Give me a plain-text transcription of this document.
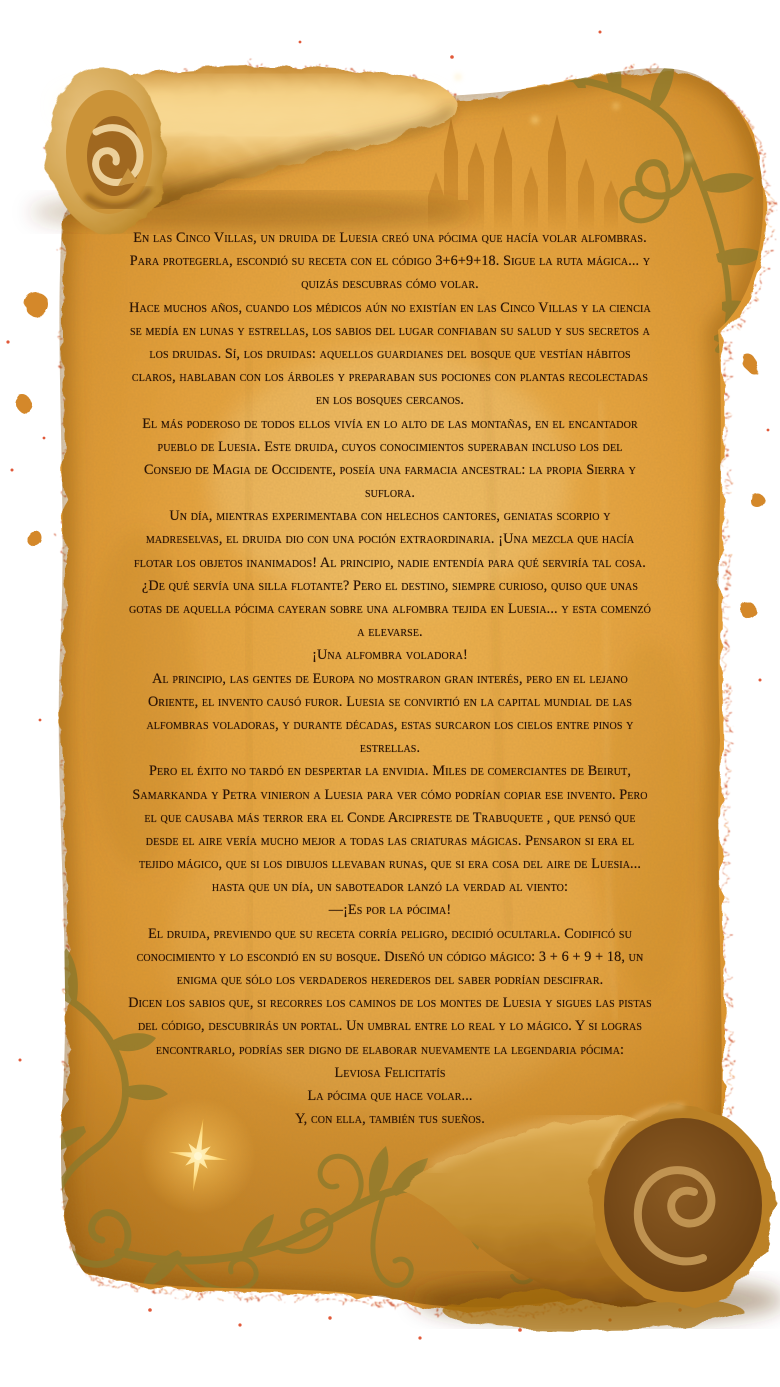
En las Cinco Villas, un druida de Luesia creó una pócima que hacía volar alfombras.
Para protegerla, escondió su receta con el código 3+6+9+18. Sigue la ruta mágica... y
quizás descubras cómo volar.
Hace muchos años, cuando los médicos aún no existían en las Cinco Villas y la ciencia
se medía en lunas y estrellas, los sabios del lugar confiaban su salud y sus secretos a
los druidas. Sí, los druidas: aquellos guardianes del bosque que vestían hábitos
claros, hablaban con los árboles y preparaban sus pociones con plantas recolectadas
en los bosques cercanos.
El más poderoso de todos ellos vivía en lo alto de las montañas, en el encantador
pueblo de Luesia. Este druida, cuyos conocimientos superaban incluso los del
Consejo de Magia de Occidente, poseía una farmacia ancestral: la propia Sierra y
suflora.
Un día, mientras experimentaba con helechos cantores, geniatas scorpio y
madreselvas, el druida dio con una poción extraordinaria. ¡Una mezcla que hacía
flotar los objetos inanimados! Al principio, nadie entendía para qué serviría tal cosa.
¿De qué servía una silla flotante? Pero el destino, siempre curioso, quiso que unas
gotas de aquella pócima cayeran sobre una alfombra tejida en Luesia... y esta comenzó
a elevarse.
¡Una alfombra voladora!
Al principio, las gentes de Europa no mostraron gran interés, pero en el lejano
Oriente, el invento causó furor. Luesia se convirtió en la capital mundial de las
alfombras voladoras, y durante décadas, estas surcaron los cielos entre pinos y
estrellas.
Pero el éxito no tardó en despertar la envidia. Miles de comerciantes de Beirut,
Samarkanda y Petra vinieron a Luesia para ver cómo podrían copiar ese invento. Pero
el que causaba más terror era el Conde Arcipreste de Trabuquete , que pensó que
desde el aire vería mucho mejor a todas las criaturas mágicas. Pensaron si era el
tejido mágico, que si los dibujos llevaban runas, que si era cosa del aire de Luesia...
hasta que un día, un saboteador lanzó la verdad al viento:
—¡Es por la pócima!
El druida, previendo que su receta corría peligro, decidió ocultarla. Codificó su
conocimiento y lo escondió en su bosque. Diseñó un código mágico: 3 + 6 + 9 + 18, un
enigma que sólo los verdaderos herederos del saber podrían descifrar.
Dicen los sabios que, si recorres los caminos de los montes de Luesia y sigues las pistas
del código, descubrirás un portal. Un umbral entre lo real y lo mágico. Y si logras
encontrarlo, podrías ser digno de elaborar nuevamente la legendaria pócima:
Leviosa Felicitatís
La pócima que hace volar...
Y, con ella, también tus sueños.
